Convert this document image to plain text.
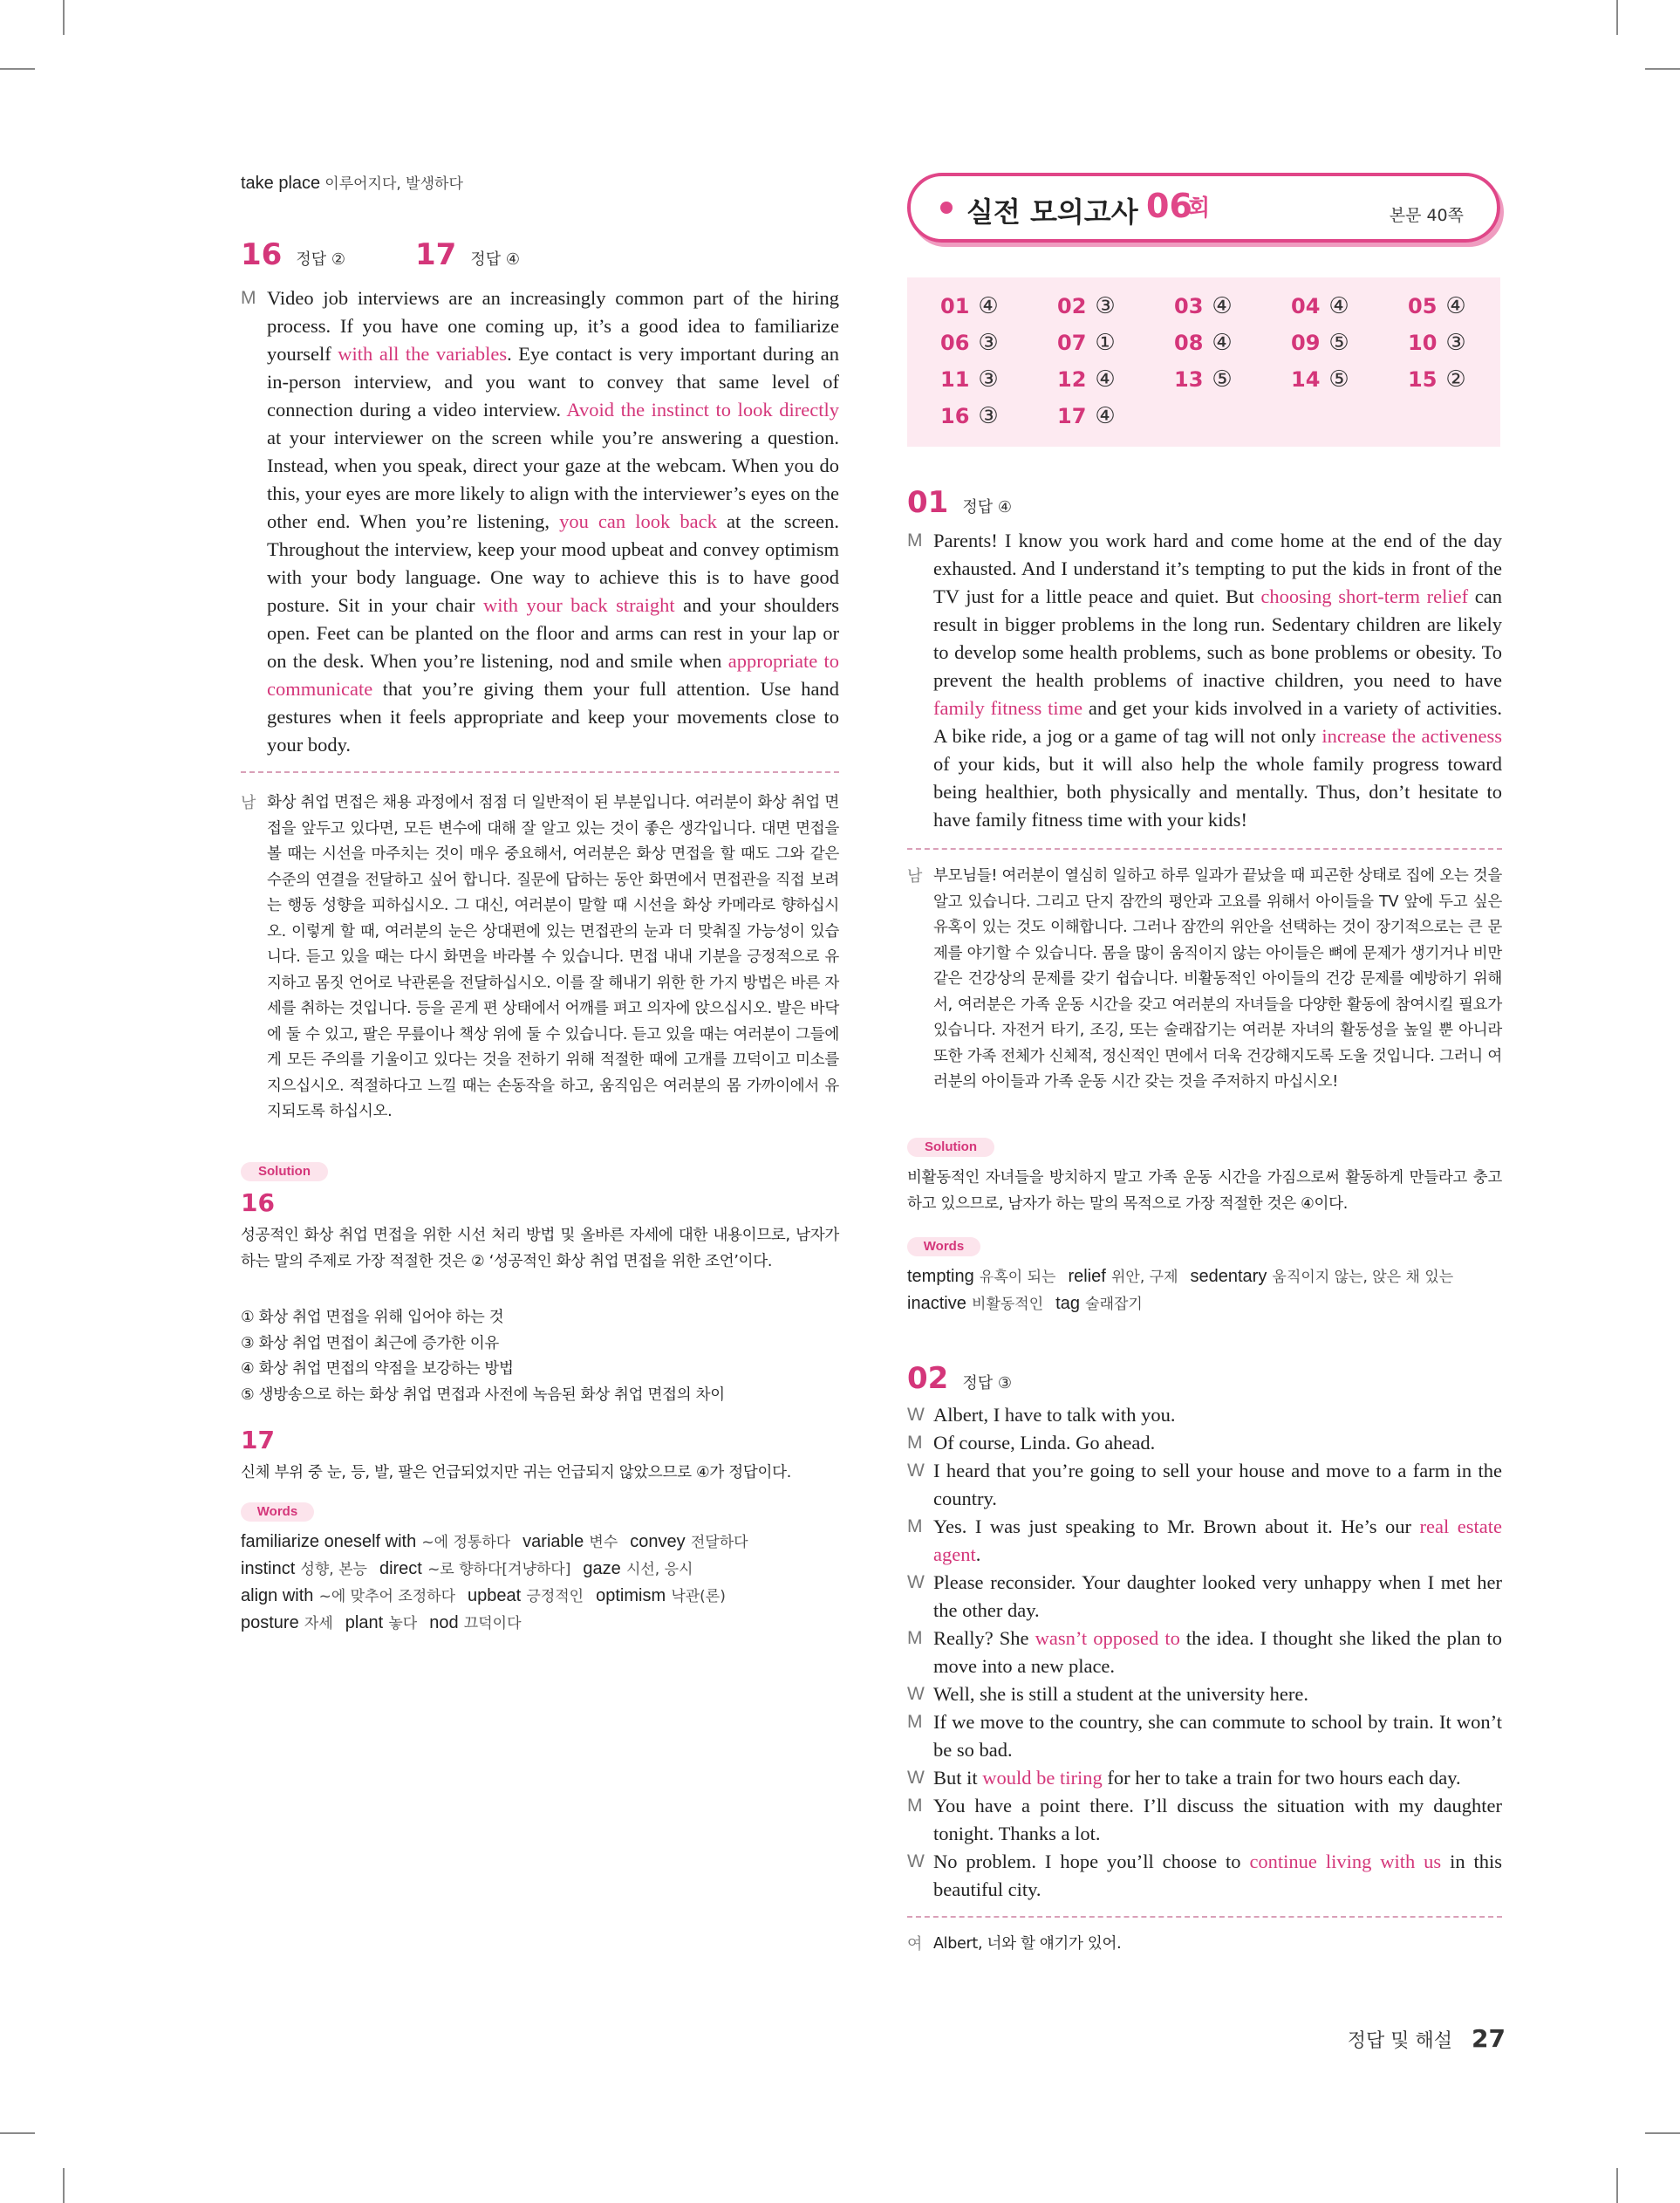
take place 이루어지다, 발생하다
16 정답 ② 17 정답 ④
M Video job interviews are an increasingly common part of the hiring process. If you have one coming up, it’s a good idea to familiarize yourself with all the variables. Eye contact is very important during an in-person interview, and you want to convey that same level of connection during a video interview. Avoid the instinct to look directly at your interviewer on the screen while you’re answering a question. Instead, when you speak, direct your gaze at the webcam. When you do this, your eyes are more likely to align with the interviewer’s eyes on the other end. When you’re listening, you can look back at the screen. Throughout the interview, keep your mood upbeat and convey optimism with your body language. One way to achieve this is to have good posture. Sit in your chair with your back straight and your shoulders open. Feet can be planted on the floor and arms can rest in your lap or on the desk. When you’re listening, nod and smile when appropriate to communicate that you’re giving them your full attention. Use hand gestures when it feels appropriate and keep your movements close to your body.
남 화상 취업 면접은 채용 과정에서 점점 더 일반적이 된 부분입니다. 여러분이 화상 취업 면접을 앞두고 있다면, 모든 변수에 대해 잘 알고 있는 것이 좋은 생각입니다. 대면 면접을 볼 때는 시선을 마주치는 것이 매우 중요해서, 여러분은 화상 면접을 할 때도 그와 같은 수준의 연결을 전달하고 싶어 합니다. 질문에 답하는 동안 화면에서 면접관을 직접 보려는 행동 성향을 피하십시오. 그 대신, 여러분이 말할 때 시선을 화상 카메라로 향하십시오. 이렇게 할 때, 여러분의 눈은 상대편에 있는 면접관의 눈과 더 맞춰질 가능성이 있습니다. 듣고 있을 때는 다시 화면을 바라볼 수 있습니다. 면접 내내 기분을 긍정적으로 유지하고 몸짓 언어로 낙관론을 전달하십시오. 이를 잘 해내기 위한 한 가지 방법은 바른 자세를 취하는 것입니다. 등을 곧게 편 상태에서 어깨를 펴고 의자에 앉으십시오. 발은 바닥에 둘 수 있고, 팔은 무릎이나 책상 위에 둘 수 있습니다. 듣고 있을 때는 여러분이 그들에게 모든 주의를 기울이고 있다는 것을 전하기 위해 적절한 때에 고개를 끄덕이고 미소를 지으십시오. 적절하다고 느낄 때는 손동작을 하고, 움직임은 여러분의 몸 가까이에서 유지되도록 하십시오.
Solution
16
성공적인 화상 취업 면접을 위한 시선 처리 방법 및 올바른 자세에 대한 내용이므로, 남자가 하는 말의 주제로 가장 적절한 것은 ② ‘성공적인 화상 취업 면접을 위한 조언’이다.
① 화상 취업 면접을 위해 입어야 하는 것
③ 화상 취업 면접이 최근에 증가한 이유
④ 화상 취업 면접의 약점을 보강하는 방법
⑤ 생방송으로 하는 화상 취업 면접과 사전에 녹음된 화상 취업 면접의 차이
17
신체 부위 중 눈, 등, 발, 팔은 언급되었지만 귀는 언급되지 않았으므로 ④가 정답이다.
Words
familiarize oneself with ~에 정통하다 variable 변수 convey 전달하다
instinct 성향, 본능 direct ~로 향하다[겨냥하다] gaze 시선, 응시
align with ~에 맞추어 조정하다 upbeat 긍정적인 optimism 낙관(론)
posture 자세 plant 놓다 nod 끄덕이다
실전 모의고사 06
회	본문 40쪽
01 ④	02 ③	03 ④	04 ④	05 ④
06 ③	07 ①	08 ④	09 ⑤	10 ③
11 ③	12 ④	13 ⑤	14 ⑤	15 ②
16 ③	17 ④
01 정답 ④
M Parents! I know you work hard and come home at the end of the day exhausted. And I understand it’s tempting to put the kids in front of the TV just for a little peace and quiet. But choosing short-term relief can result in bigger problems in the long run. Sedentary children are likely to develop some health problems, such as bone problems or obesity. To prevent the health problems of inactive children, you need to have family fitness time and get your kids involved in a variety of activities. A bike ride, a jog or a game of tag will not only increase the activeness of your kids, but it will also help the whole family progress toward being healthier, both physically and mentally. Thus, don’t hesitate to have family fitness time with your kids!
남 부모님들! 여러분이 열심히 일하고 하루 일과가 끝났을 때 피곤한 상태로 집에 오는 것을 알고 있습니다. 그리고 단지 잠깐의 평안과 고요를 위해서 아이들을 TV 앞에 두고 싶은 유혹이 있는 것도 이해합니다. 그러나 잠깐의 위안을 선택하는 것이 장기적으로는 큰 문제를 야기할 수 있습니다. 몸을 많이 움직이지 않는 아이들은 뼈에 문제가 생기거나 비만 같은 건강상의 문제를 갖기 쉽습니다. 비활동적인 아이들의 건강 문제를 예방하기 위해서, 여러분은 가족 운동 시간을 갖고 여러분의 자녀들을 다양한 활동에 참여시킬 필요가 있습니다. 자전거 타기, 조깅, 또는 술래잡기는 여러분 자녀의 활동성을 높일 뿐 아니라 또한 가족 전체가 신체적, 정신적인 면에서 더욱 건강해지도록 도울 것입니다. 그러니 여러분의 아이들과 가족 운동 시간 갖는 것을 주저하지 마십시오!
Solution
비활동적인 자녀들을 방치하지 말고 가족 운동 시간을 가짐으로써 활동하게 만들라고 충고하고 있으므로, 남자가 하는 말의 목적으로 가장 적절한 것은 ④이다.
Words
tempting 유혹이 되는 relief 위안, 구제 sedentary 움직이지 않는, 앉은 채 있는
inactive 비활동적인 tag 술래잡기
02 정답 ③
W Albert, I have to talk with you.
M Of course, Linda. Go ahead.
W I heard that you’re going to sell your house and move to a farm in the country.
M Yes. I was just speaking to Mr. Brown about it. He’s our real estate agent.
W Please reconsider. Your daughter looked very unhappy when I met her the other day.
M Really? She wasn’t opposed to the idea. I thought she liked the plan to move into a new place.
W Well, she is still a student at the university here.
M If we move to the country, she can commute to school by train. It won’t be so bad.
W But it would be tiring for her to take a train for two hours each day.
M You have a point there. I’ll discuss the situation with my daughter tonight. Thanks a lot.
W No problem. I hope you’ll choose to continue living with us in this beautiful city.
여 Albert, 너와 할 얘기가 있어.
정답 및 해설 27
